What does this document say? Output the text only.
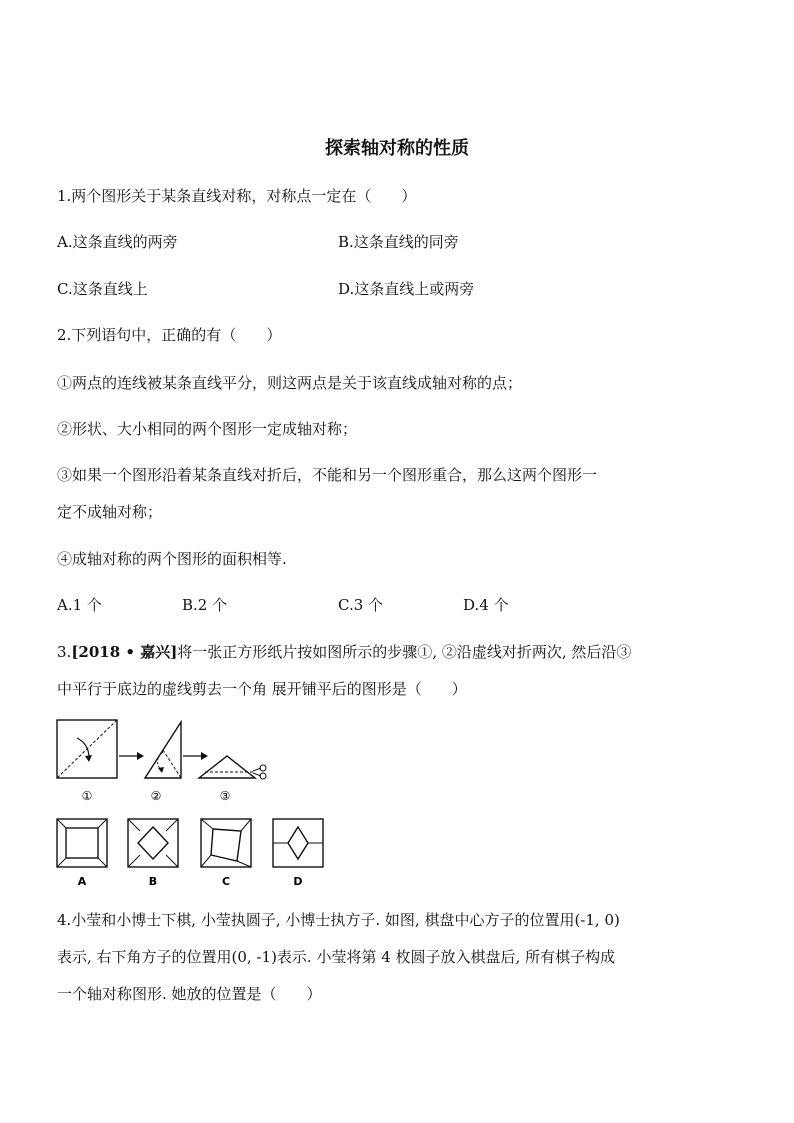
探索轴对称的性质
1.两个图形关于某条直线对称，对称点一定在（　　）
A.这条直线的两旁	B.这条直线的同旁
C.这条直线上	D.这条直线上或两旁
2.下列语句中，正确的有（　　）
①两点的连线被某条直线平分，则这两点是关于该直线成轴对称的点；
②形状、大小相同的两个图形一定成轴对称；
③如果一个图形沿着某条直线对折后，不能和另一个图形重合，那么这两个图形一
定不成轴对称；
④成轴对称的两个图形的面积相等.
A.1 个	B.2 个	C.3 个	D.4 个
3.[2018 • 嘉兴]将一张正方形纸片按如图所示的步骤①, ②沿虚线对折两次, 然后沿③
中平行于底边的虚线剪去一个角 展开铺平后的图形是（　　）
①	②	③
A	B	C	D
4.小莹和小博士下棋, 小莹执圆子, 小博士执方子. 如图, 棋盘中心方子的位置用(-1, 0)
表示, 右下角方子的位置用(0, -1)表示. 小莹将第 4 枚圆子放入棋盘后, 所有棋子构成
一个轴对称图形. 她放的位置是（　　）
